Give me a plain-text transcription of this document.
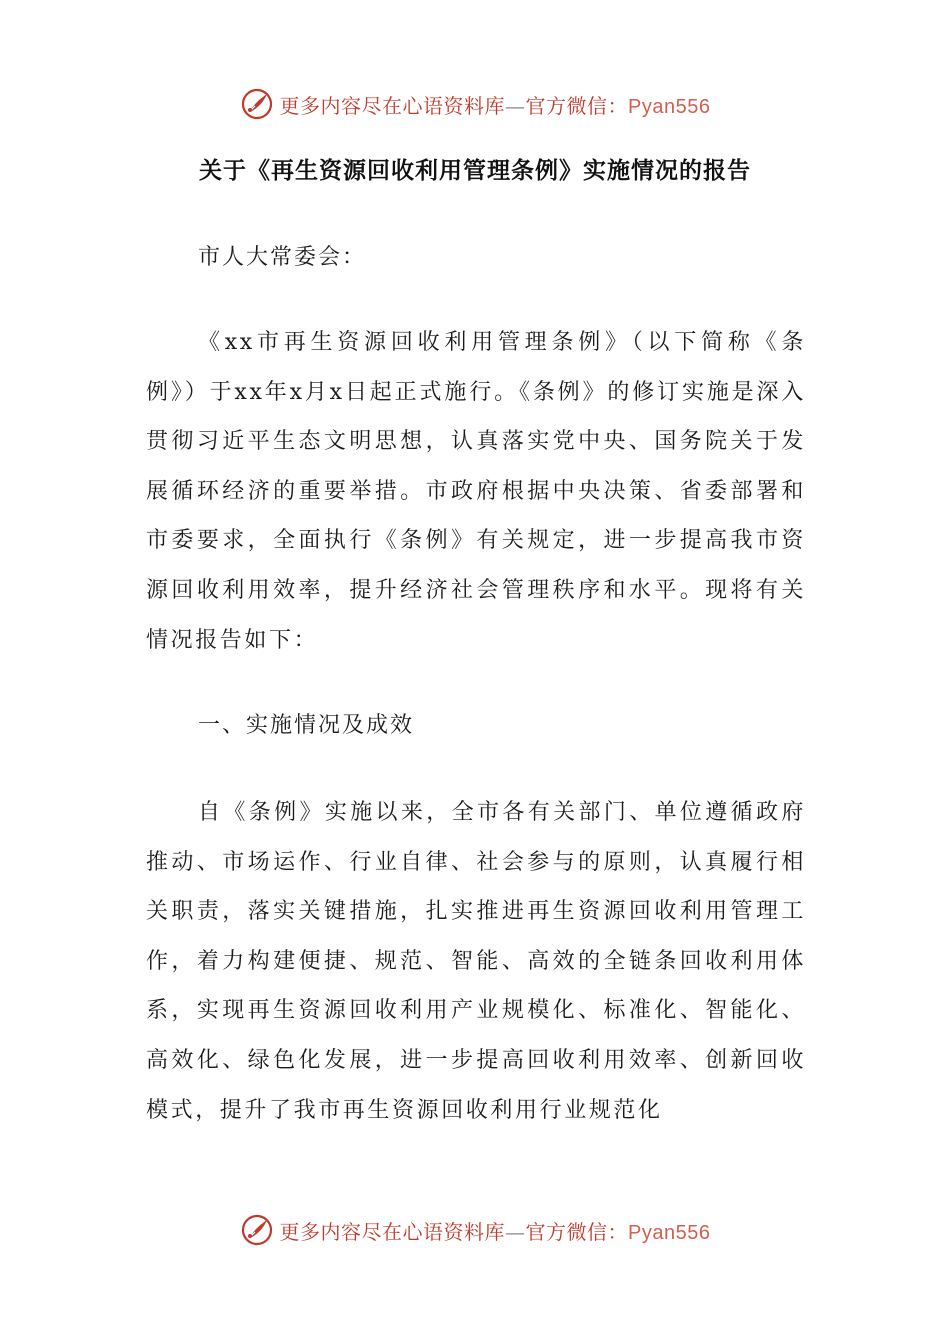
更多内容尽在心语资料库—官方微信：Pyan556
关于《再生资源回收利用管理条例》实施情况的报告

市人大常委会：

《xx市再生资源回收利用管理条例》（以下简称《条例》）于xx年x月x日起正式施行。《条例》的修订实施是深入贯彻习近平生态文明思想，认真落实党中央、国务院关于发展循环经济的重要举措。市政府根据中央决策、省委部署和市委要求，全面执行《条例》有关规定，进一步提高我市资源回收利用效率，提升经济社会管理秩序和水平。现将有关情况报告如下：

一、实施情况及成效

自《条例》实施以来，全市各有关部门、单位遵循政府推动、市场运作、行业自律、社会参与的原则，认真履行相关职责，落实关键措施，扎实推进再生资源回收利用管理工作，着力构建便捷、规范、智能、高效的全链条回收利用体系，实现再生资源回收利用产业规模化、标准化、智能化、高效化、绿色化发展，进一步提高回收利用效率、创新回收模式，提升了我市再生资源回收利用行业规范化

更多内容尽在心语资料库—官方微信：Pyan556
